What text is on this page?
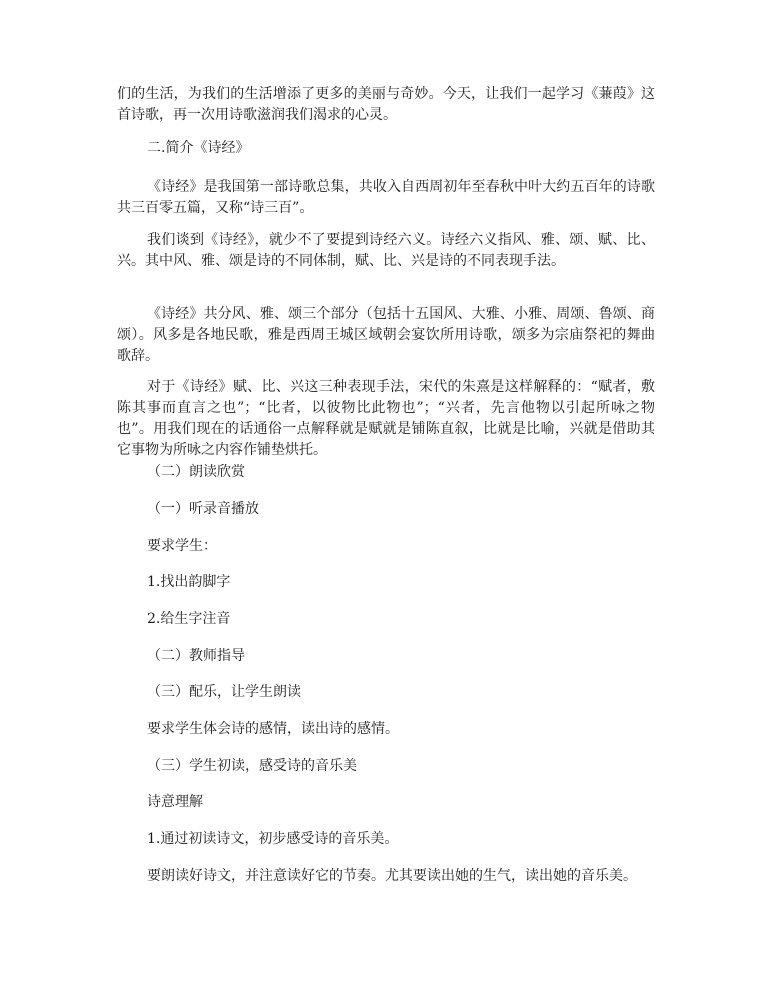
们的生活，为我们的生活增添了更多的美丽与奇妙。今天，让我们一起学习《蒹葭》这首诗歌，再一次用诗歌滋润我们渴求的心灵。

二.简介《诗经》

《诗经》是我国第一部诗歌总集，共收入自西周初年至春秋中叶大约五百年的诗歌共三百零五篇，又称“诗三百”。

我们谈到《诗经》，就少不了要提到诗经六义。诗经六义指风、雅、颂、赋、比、兴。其中风、雅、颂是诗的不同体制，赋、比、兴是诗的不同表现手法。

《诗经》共分风、雅、颂三个部分（包括十五国风、大雅、小雅、周颂、鲁颂、商颂）。风多是各地民歌，雅是西周王城区域朝会宴饮所用诗歌，颂多为宗庙祭祀的舞曲歌辞。

对于《诗经》赋、比、兴这三种表现手法，宋代的朱熹是这样解释的：“赋者，敷陈其事而直言之也”；“比者，以彼物比此物也”；“兴者，先言他物以引起所咏之物也”。用我们现在的话通俗一点解释就是赋就是铺陈直叙，比就是比喻，兴就是借助其它事物为所咏之内容作铺垫烘托。

（二）朗读欣赏

（一）听录音播放

要求学生：

1.找出韵脚字

2.给生字注音

（二）教师指导

（三）配乐，让学生朗读

要求学生体会诗的感情，读出诗的感情。

（三）学生初读，感受诗的音乐美

诗意理解

1.通过初读诗文，初步感受诗的音乐美。

要朗读好诗文，并注意读好它的节奏。尤其要读出她的生气，读出她的音乐美。
